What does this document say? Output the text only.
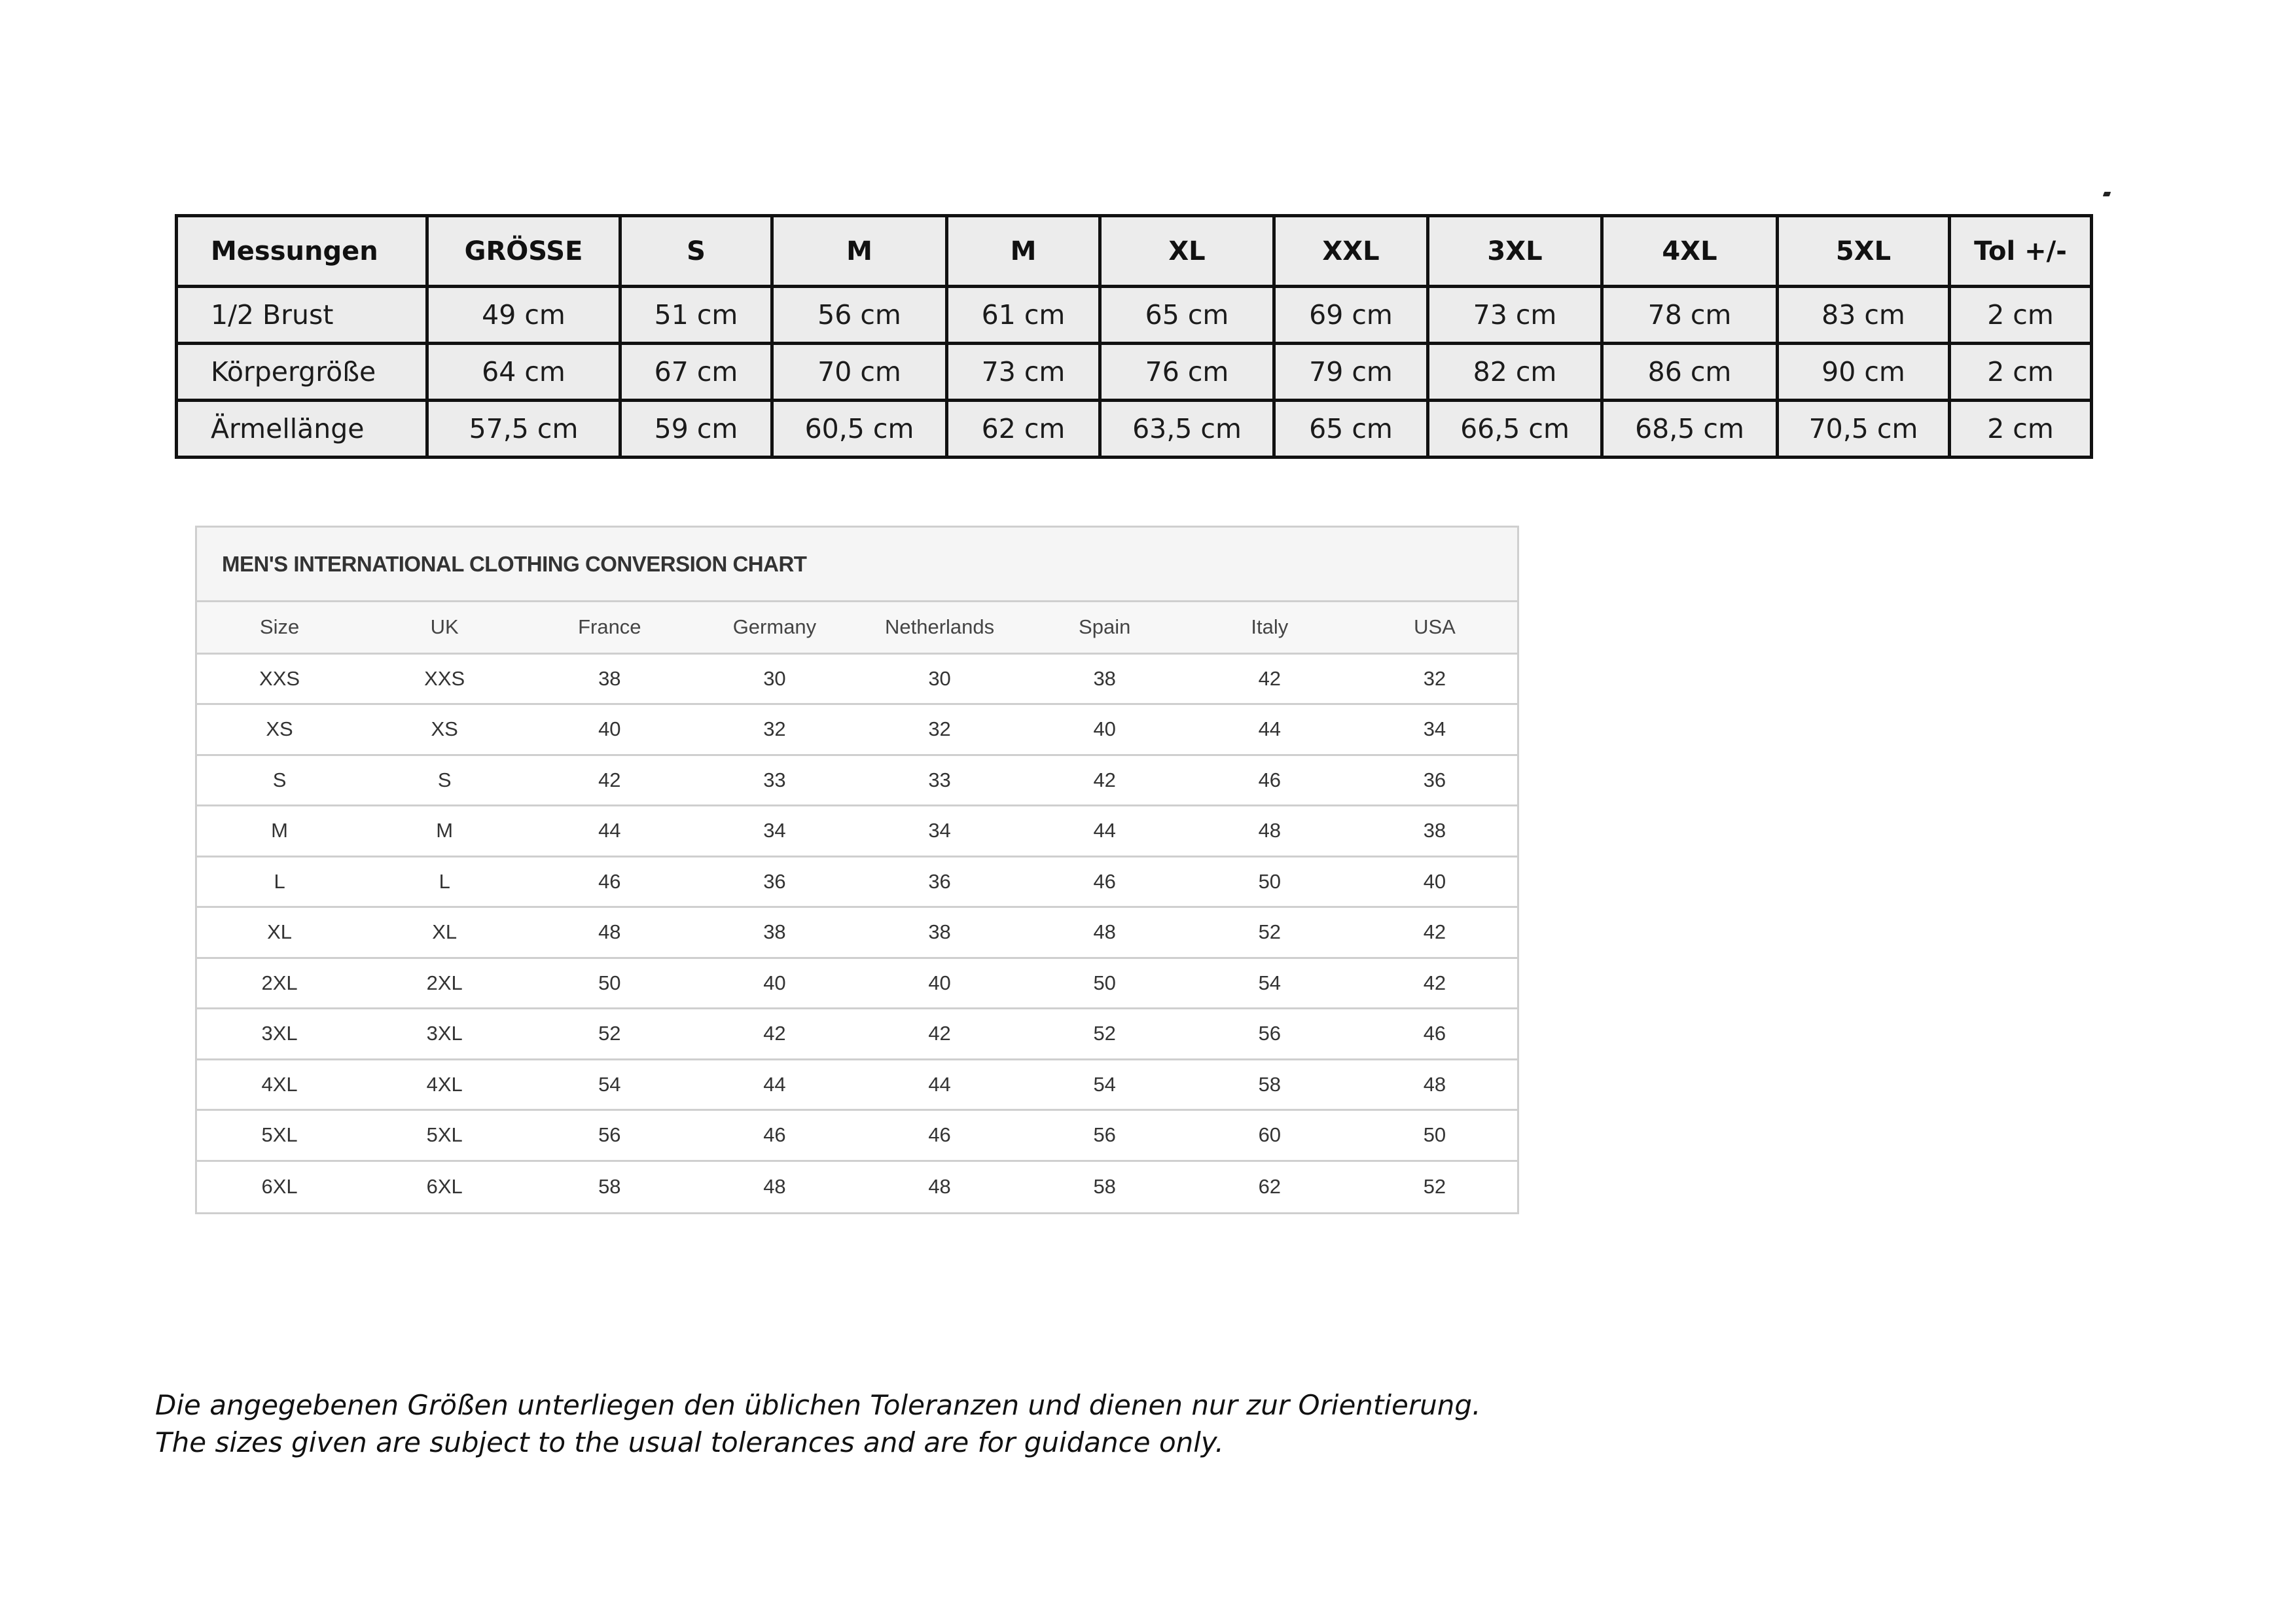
Messungen	GRÖSSE	S	M	M	XL	XXL	3XL	4XL	5XL	Tol +/-
1/2 Brust	49 cm	51 cm	56 cm	61 cm	65 cm	69 cm	73 cm	78 cm	83 cm	2 cm
Körpergröße	64 cm	67 cm	70 cm	73 cm	76 cm	79 cm	82 cm	86 cm	90 cm	2 cm
Ärmellänge	57,5 cm	59 cm	60,5 cm	62 cm	63,5 cm	65 cm	66,5 cm	68,5 cm	70,5 cm	2 cm
MEN'S INTERNATIONAL CLOTHING CONVERSION CHART
Size	UK	France	Germany	Netherlands	Spain	Italy	USA
XXS	XXS	38	30	30	38	42	32
XS	XS	40	32	32	40	44	34
S	S	42	33	33	42	46	36
M	M	44	34	34	44	48	38
L	L	46	36	36	46	50	40
XL	XL	48	38	38	48	52	42
2XL	2XL	50	40	40	50	54	42
3XL	3XL	52	42	42	52	56	46
4XL	4XL	54	44	44	54	58	48
5XL	5XL	56	46	46	56	60	50
6XL	6XL	58	48	48	58	62	52
Die angegebenen Größen unterliegen den üblichen Toleranzen und dienen nur zur Orientierung.
The sizes given are subject to the usual tolerances and are for guidance only.
